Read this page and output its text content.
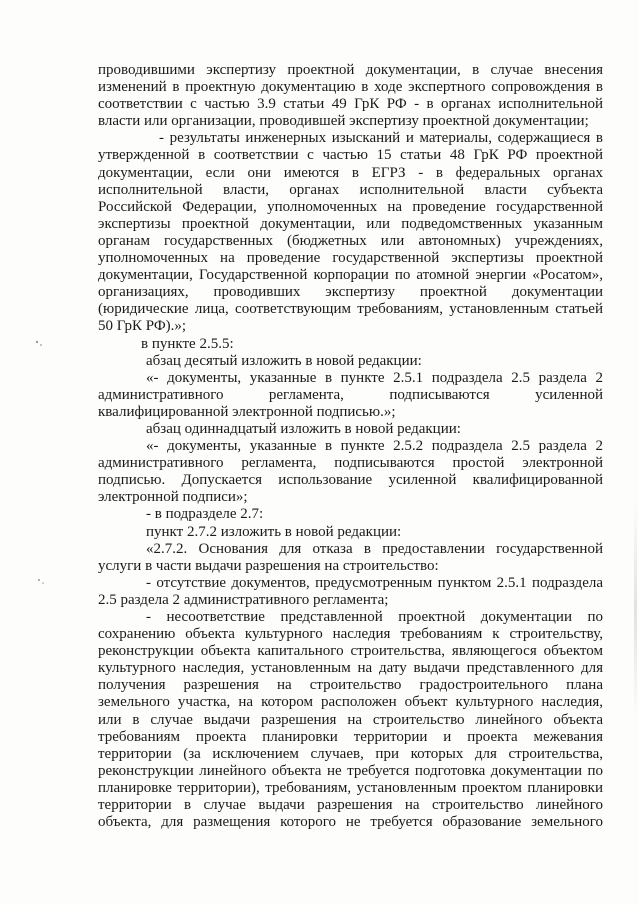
проводившими экспертизу проектной документации, в случае внесения
изменений в проектную документацию в ходе экспертного сопровождения в
соответствии с частью 3.9 статьи 49 ГрК РФ - в органах исполнительной
власти или организации, проводившей экспертизу проектной документации;
- результаты инженерных изысканий и материалы, содержащиеся в
утвержденной в соответствии с частью 15 статьи 48 ГрК РФ проектной
документации, если они имеются в ЕГРЗ - в федеральных органах
исполнительной власти, органах исполнительной власти субъекта
Российской Федерации, уполномоченных на проведение государственной
экспертизы проектной документации, или подведомственных указанным
органам государственных (бюджетных или автономных) учреждениях,
уполномоченных на проведение государственной экспертизы проектной
документации, Государственной корпорации по атомной энергии «Росатом»,
организациях, проводивших экспертизу проектной документации
(юридические лица, соответствующим требованиям, установленным статьей
50 ГрК РФ).»;
в пункте 2.5.5:
абзац десятый изложить в новой редакции:
«- документы, указанные в пункте 2.5.1 подраздела 2.5 раздела 2
административного регламента, подписываются усиленной
квалифицированной электронной подписью.»;
абзац одиннадцатый изложить в новой редакции:
«- документы, указанные в пункте 2.5.2 подраздела 2.5 раздела 2
административного регламента, подписываются простой электронной
подписью. Допускается использование усиленной квалифицированной
электронной подписи»;
- в подразделе 2.7:
пункт 2.7.2 изложить в новой редакции:
«2.7.2. Основания для отказа в предоставлении государственной
услуги в части выдачи разрешения на строительство:
- отсутствие документов, предусмотренным пунктом 2.5.1 подраздела
2.5 раздела 2 административного регламента;
- несоответствие представленной проектной документации по
сохранению объекта культурного наследия требованиям к строительству,
реконструкции объекта капитального строительства, являющегося объектом
культурного наследия, установленным на дату выдачи представленного для
получения разрешения на строительство градостроительного плана
земельного участка, на котором расположен объект культурного наследия,
или в случае выдачи разрешения на строительство линейного объекта
требованиям проекта планировки территории и проекта межевания
территории (за исключением случаев, при которых для строительства,
реконструкции линейного объекта не требуется подготовка документации по
планировке территории), требованиям, установленным проектом планировки
территории в случае выдачи разрешения на строительство линейного
объекта, для размещения которого не требуется образование земельного
